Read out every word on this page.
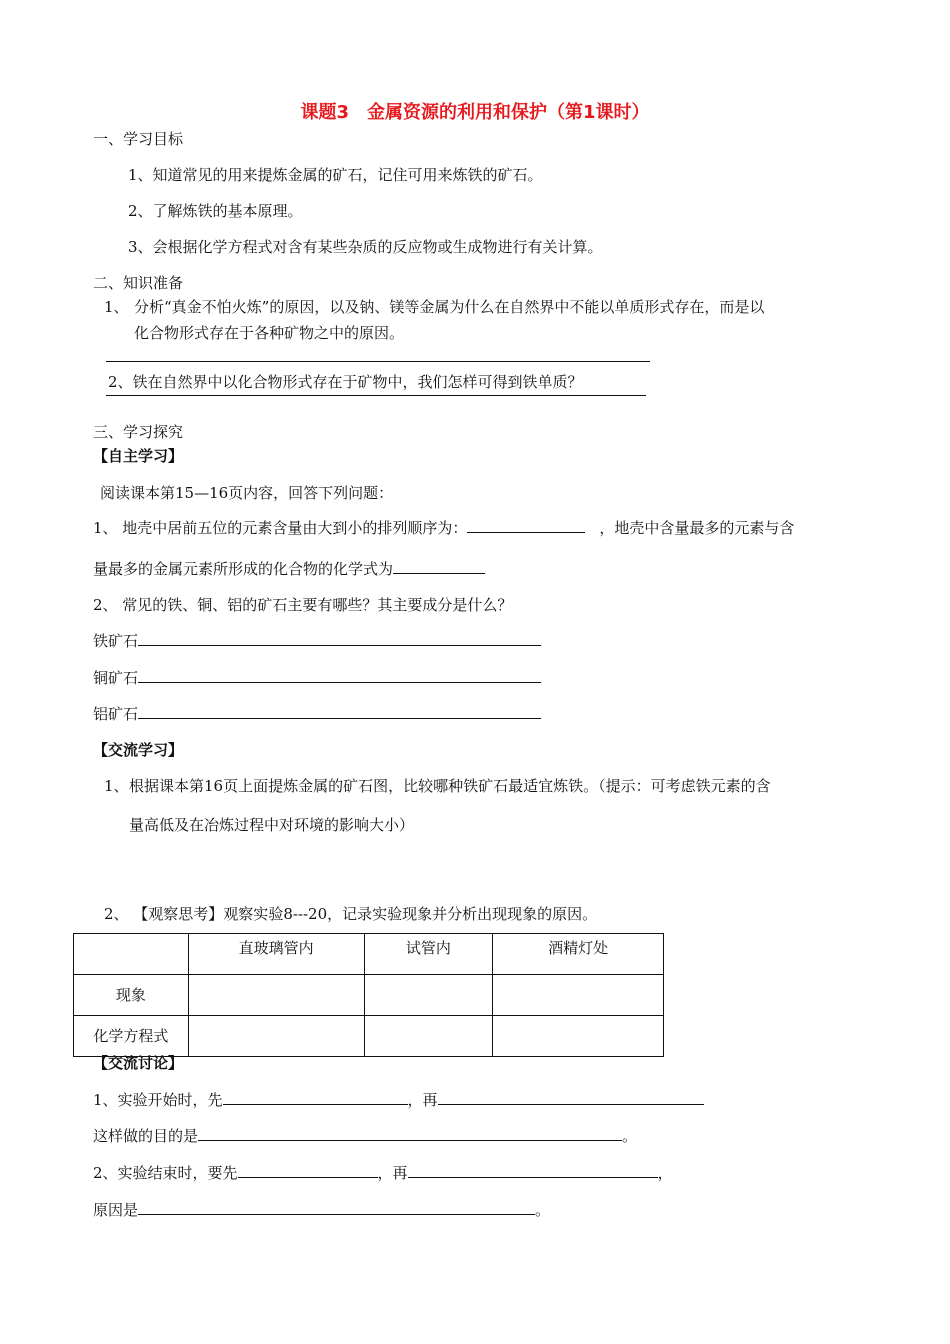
课题3　金属资源的利用和保护（第1课时）
一、学习目标
1、知道常见的用来提炼金属的矿石，记住可用来炼铁的矿石。
2、了解炼铁的基本原理。
3、会根据化学方程式对含有某些杂质的反应物或生成物进行有关计算。
二、知识准备
1、 分析“真金不怕火炼”的原因，以及钠、镁等金属为什么在自然界中不能以单质形式存在，而是以
化合物形式存在于各种矿物之中的原因。
2、铁在自然界中以化合物形式存在于矿物中，我们怎样可得到铁单质？
三、学习探究
【自主学习】
阅读课本第15—16页内容，回答下列问题：
1、 地壳中居前五位的元素含量由大到小的排列顺序为：	，地壳中含量最多的元素与含
量最多的金属元素所形成的化合物的化学式为
2、 常见的铁、铜、铝的矿石主要有哪些？其主要成分是什么？
铁矿石
铜矿石
铝矿石
【交流学习】
1、 根据课本第16页上面提炼金属的矿石图，比较哪种铁矿石最适宜炼铁。（提示：可考虑铁元素的含
量高低及在冶炼过程中对环境的影响大小）
2、 【观察思考】观察实验8---20，记录实验现象并分析出现现象的原因。
	直玻璃管内	试管内	酒精灯处
现象			
化学方程式			
【交流讨论】
1、实验开始时，先	，再
这样做的目的是	。
2、实验结束时，要先	，再	，
原因是	。
